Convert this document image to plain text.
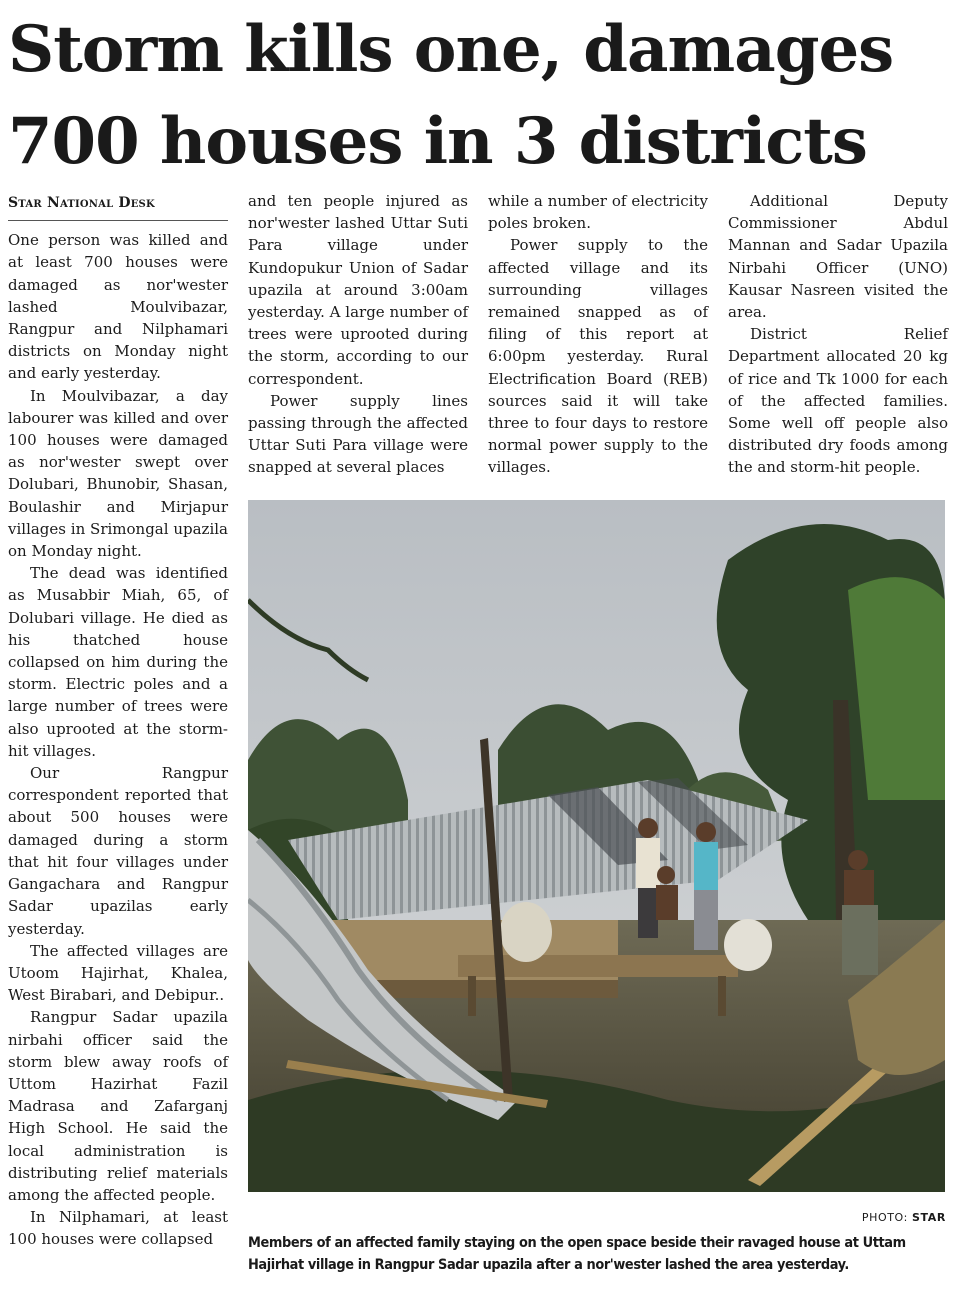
Storm kills one, damages 700 houses in 3 districts
Star National Desk

One person was killed and at least 700 houses were damaged as nor'wester lashed Moulvibazar, Rangpur and Nilphamari districts on Monday night and early yesterday.

In Moulvibazar, a day labourer was killed and over 100 houses were damaged as nor'wester swept over Dolubari, Bhunobir, Shasan, Boulashir and Mirjapur villages in Srimongal upazila on Monday night.

The dead was identified as Musabbir Miah, 65, of Dolubari village. He died as his thatched house collapsed on him during the storm. Electric poles and a large number of trees were also uprooted at the storm-hit villages.

Our Rangpur correspondent reported that about 500 houses were damaged during a storm that hit four villages under Gangachara and Rangpur Sadar upazilas early yesterday.

The affected villages are Utoom Hajirhat, Khalea, West Birabari, and Debipur..

Rangpur Sadar upazila nirbahi officer said the storm blew away roofs of Uttom Hazirhat Fazil Madrasa and Zafarganj High School. He said the local administration is distributing relief materials among the affected people.

In Nilphamari, at least 100 houses were collapsed

and ten people injured as nor'wester lashed Uttar Suti Para village under Kundopukur Union of Sadar upazila at around 3:00am yesterday. A large number of trees were uprooted during the storm, according to our correspondent.

Power supply lines passing through the affected Uttar Suti Para village were snapped at several places

while a number of electricity poles broken.

Power supply to the affected village and its surrounding villages remained snapped as of filing of this report at 6:00pm yesterday. Rural Electrification Board (REB) sources said it will take three to four days to restore normal power supply to the villages.

Additional Deputy Commissioner Abdul Mannan and Sadar Upazila Nirbahi Officer (UNO) Kausar Nasreen visited the area.

District Relief Department allocated 20 kg of rice and Tk 1000 for each of the affected families. Some well off people also distributed dry foods among the and storm-hit people.

PHOTO: STAR
Members of an affected family staying on the open space beside their ravaged house at Uttam Hajirhat village in Rangpur Sadar upazila after a nor'wester lashed the area yesterday.
